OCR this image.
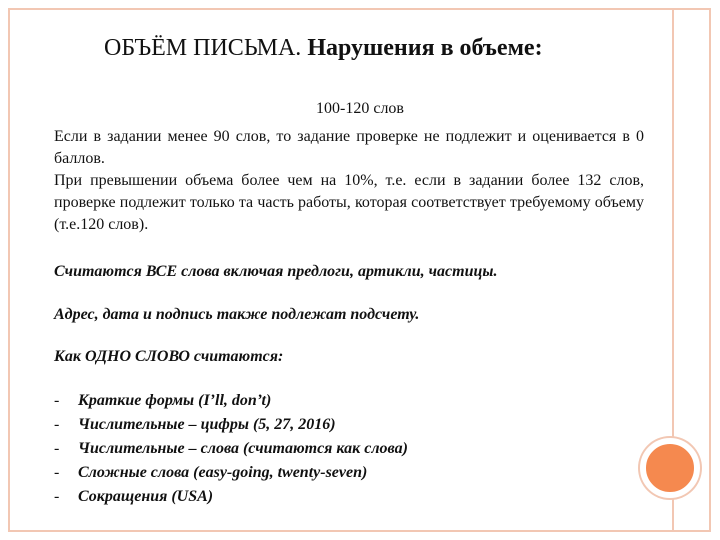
ОБЪЁМ ПИСЬМА. Нарушения в объеме:
100-120 слов

Если в задании менее 90 слов, то задание проверке не подлежит и оценивается в 0 баллов.

При превышении объема более чем на 10%, т.е. если в задании более 132 слов, проверке подлежит только та часть работы, которая соответствует требуемому объему (т.е.120 слов).

Считаются ВСЕ слова включая предлоги, артикли, частицы.
Адрес, дата и подпись также подлежат подсчету.
Как ОДНО СЛОВО считаются:
- Краткие формы (I’ll, don’t)
- Числительные – цифры (5, 27, 2016)
- Числительные – слова (считаются как слова)
- Сложные слова (easy-going, twenty-seven)
- Сокращения (USA)
